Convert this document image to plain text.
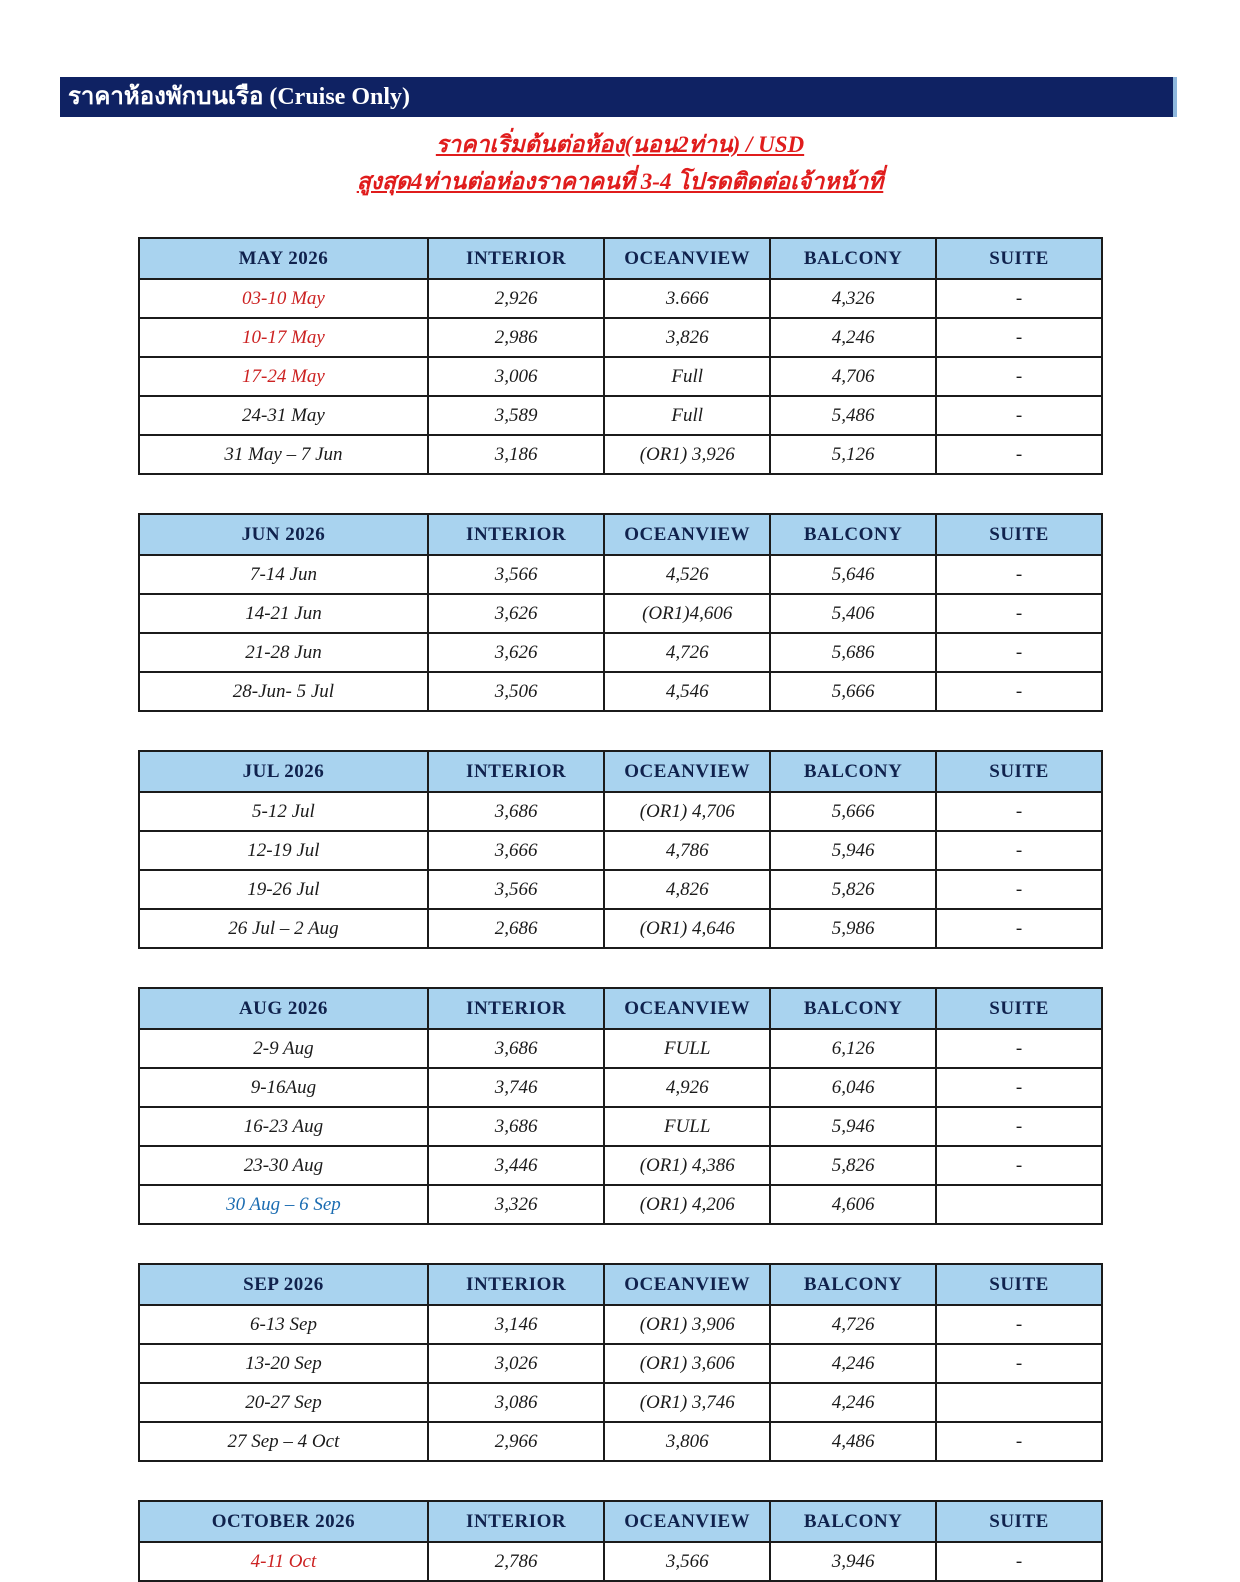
ราคาห้องพักบนเรือ (Cruise Only)
ราคาเริ่มต้นต่อห้อง(นอน2ท่าน) / USD
สูงสุด4ท่านต่อห่องราคาคนที่ 3-4 โปรดติดต่อเจ้าหน้าที่
MAY 2026	INTERIOR	OCEANVIEW	BALCONY	SUITE
03-10 May	2,926	3.666	4,326	-
10-17 May	2,986	3,826	4,246	-
17-24 May	3,006	Full	4,706	-
24-31 May	3,589	Full	5,486	-
31 May – 7 Jun	3,186	(OR1) 3,926	5,126	-
JUN 2026	INTERIOR	OCEANVIEW	BALCONY	SUITE
7-14 Jun	3,566	4,526	5,646	-
14-21 Jun	3,626	(OR1)4,606	5,406	-
21-28 Jun	3,626	4,726	5,686	-
28-Jun- 5 Jul	3,506	4,546	5,666	-
JUL 2026	INTERIOR	OCEANVIEW	BALCONY	SUITE
5-12 Jul	3,686	(OR1) 4,706	5,666	-
12-19 Jul	3,666	4,786	5,946	-
19-26 Jul	3,566	4,826	5,826	-
26 Jul – 2 Aug	2,686	(OR1) 4,646	5,986	-
AUG 2026	INTERIOR	OCEANVIEW	BALCONY	SUITE
2-9 Aug	3,686	FULL	6,126	-
9-16Aug	3,746	4,926	6,046	-
16-23 Aug	3,686	FULL	5,946	-
23-30 Aug	3,446	(OR1) 4,386	5,826	-
30 Aug – 6 Sep	3,326	(OR1) 4,206	4,606	
SEP 2026	INTERIOR	OCEANVIEW	BALCONY	SUITE
6-13 Sep	3,146	(OR1) 3,906	4,726	-
13-20 Sep	3,026	(OR1) 3,606	4,246	-
20-27 Sep	3,086	(OR1) 3,746	4,246	
27 Sep – 4 Oct	2,966	3,806	4,486	-
OCTOBER 2026	INTERIOR	OCEANVIEW	BALCONY	SUITE
4-11 Oct	2,786	3,566	3,946	-
